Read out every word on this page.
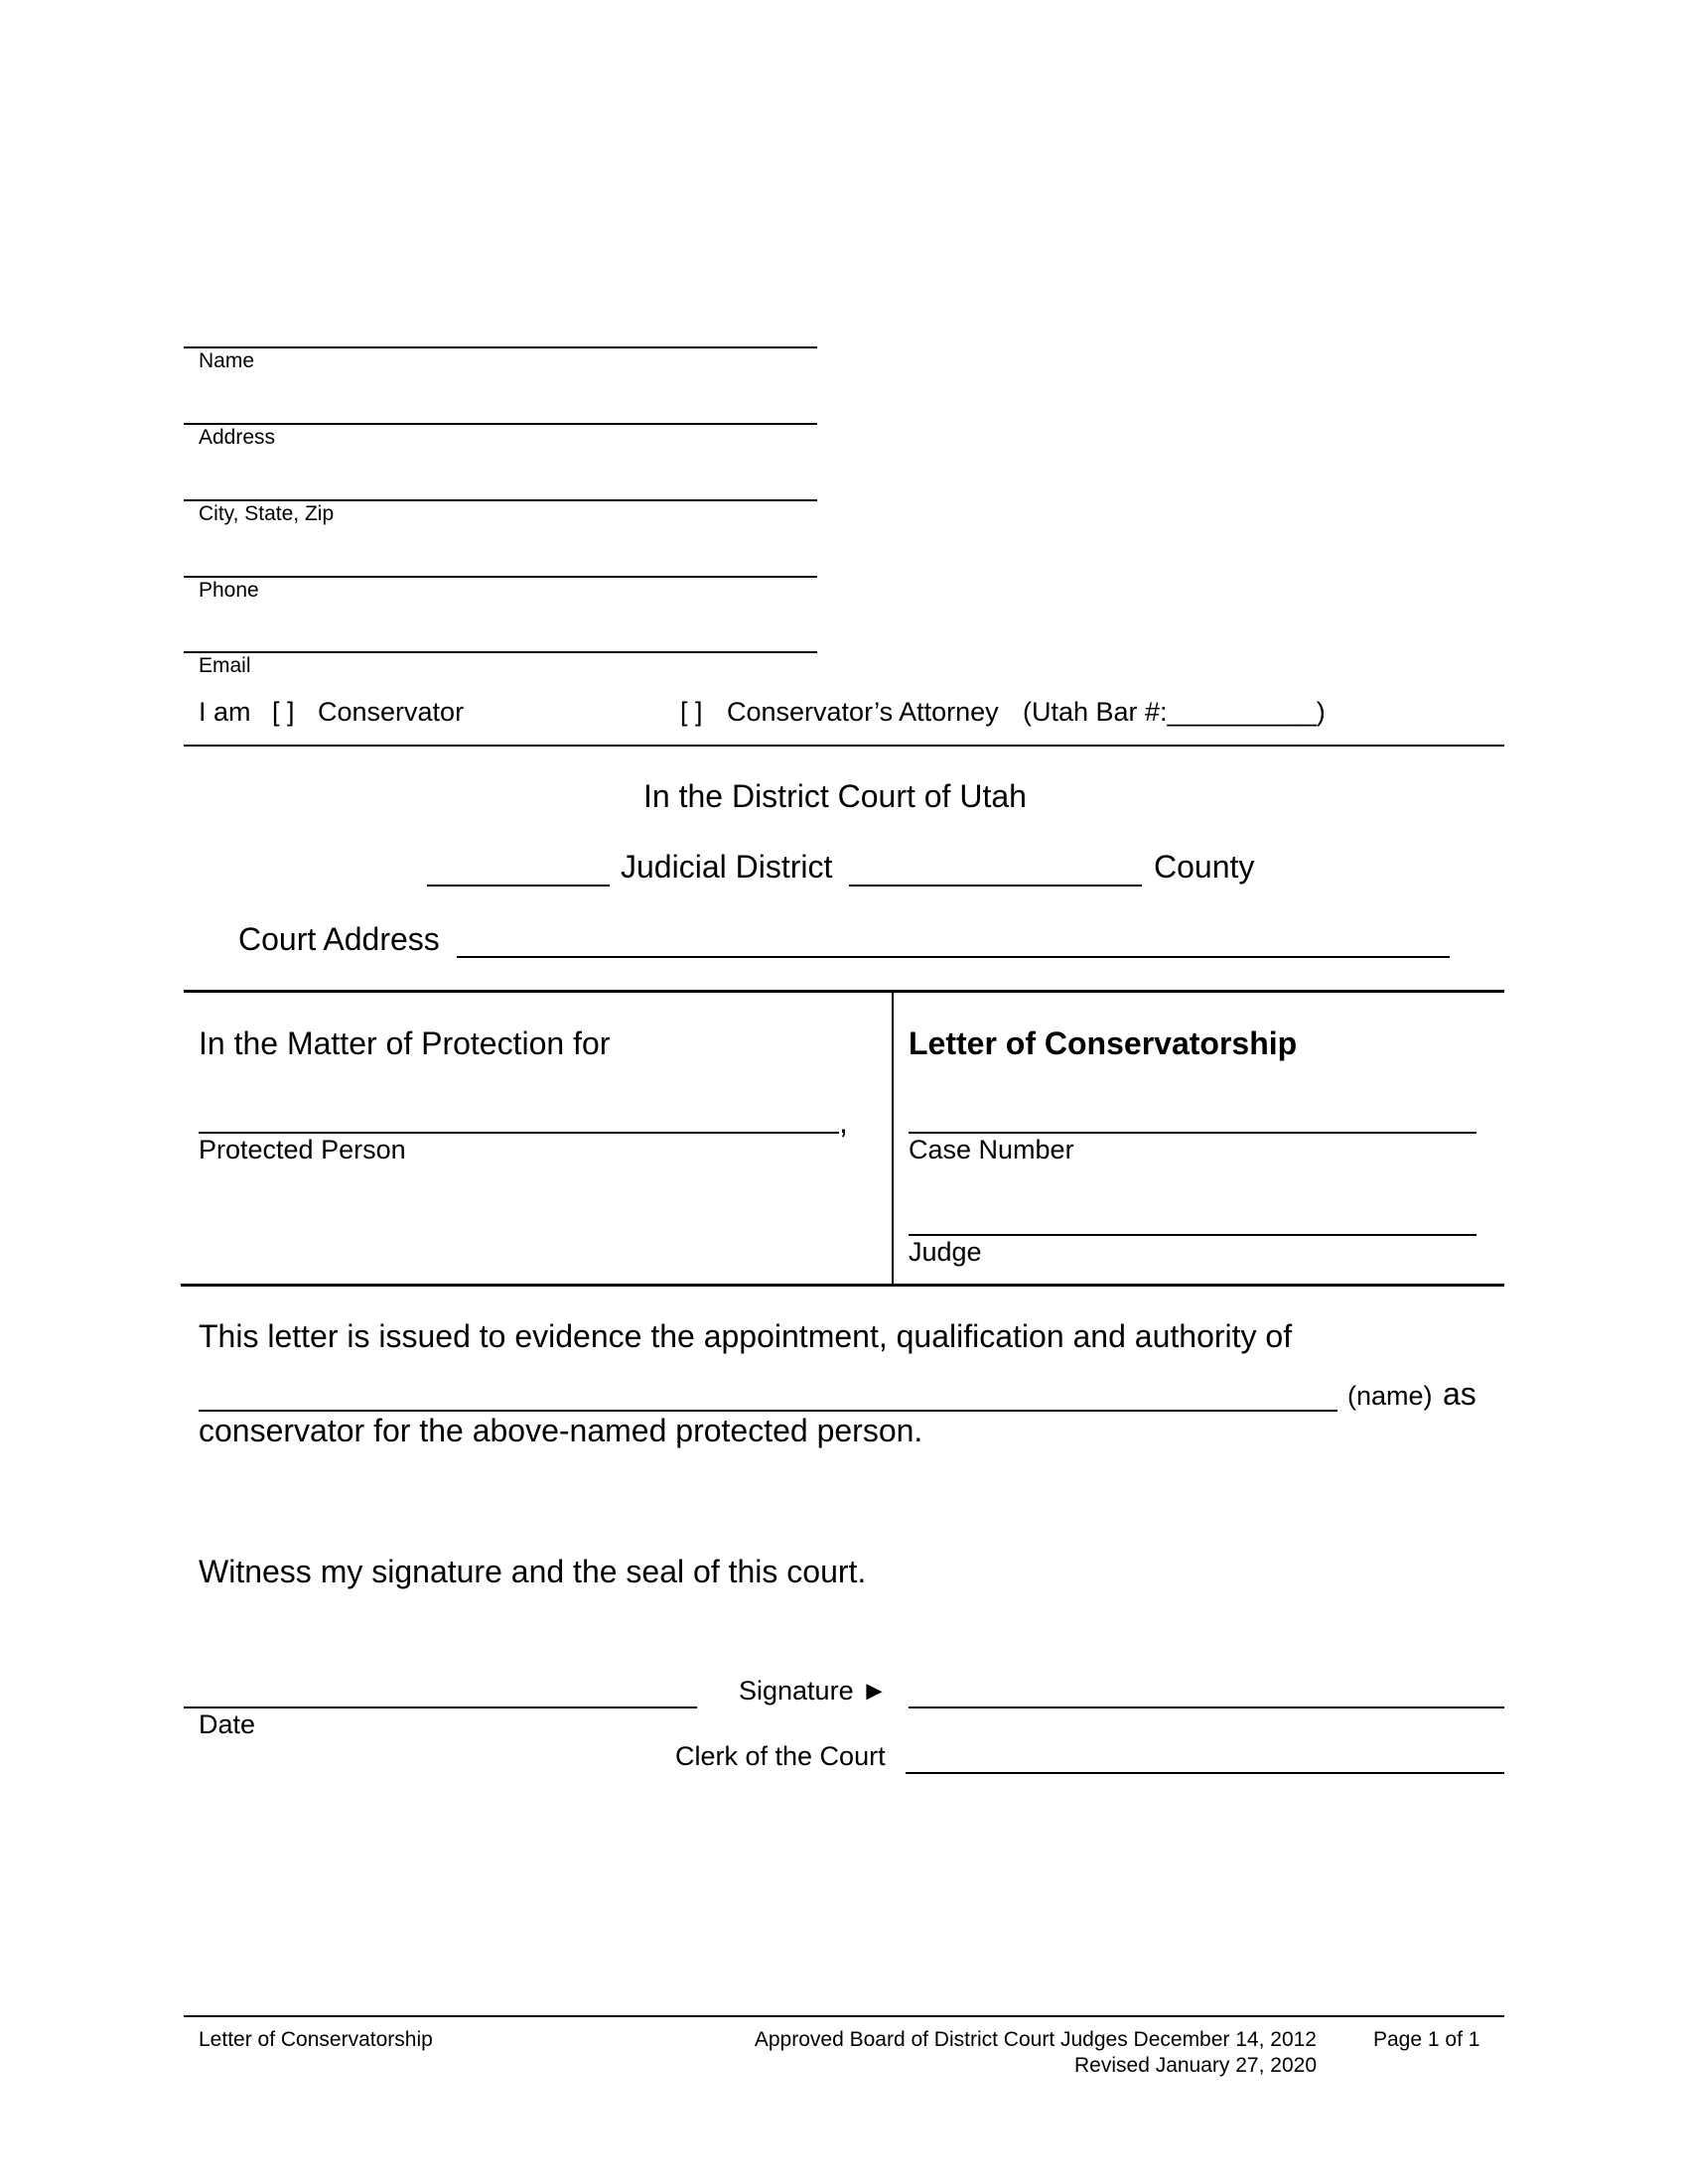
Name
Address
City, State, Zip
Phone
Email
I am [ ] Conservator	[ ] Conservator’s Attorney (Utah Bar #:__________)
In the District Court of Utah
Judicial District	County
Court Address
In the Matter of Protection for
,
Protected Person
Letter of Conservatorship
Case Number
Judge
This letter is issued to evidence the appointment, qualification and authority of
(name) as
conservator for the above-named protected person.
Witness my signature and the seal of this court.
Date
Signature ►
Clerk of the Court
Letter of Conservatorship	Approved Board of District Court Judges December 14, 2012
Revised January 27, 2020
Page 1 of 1
